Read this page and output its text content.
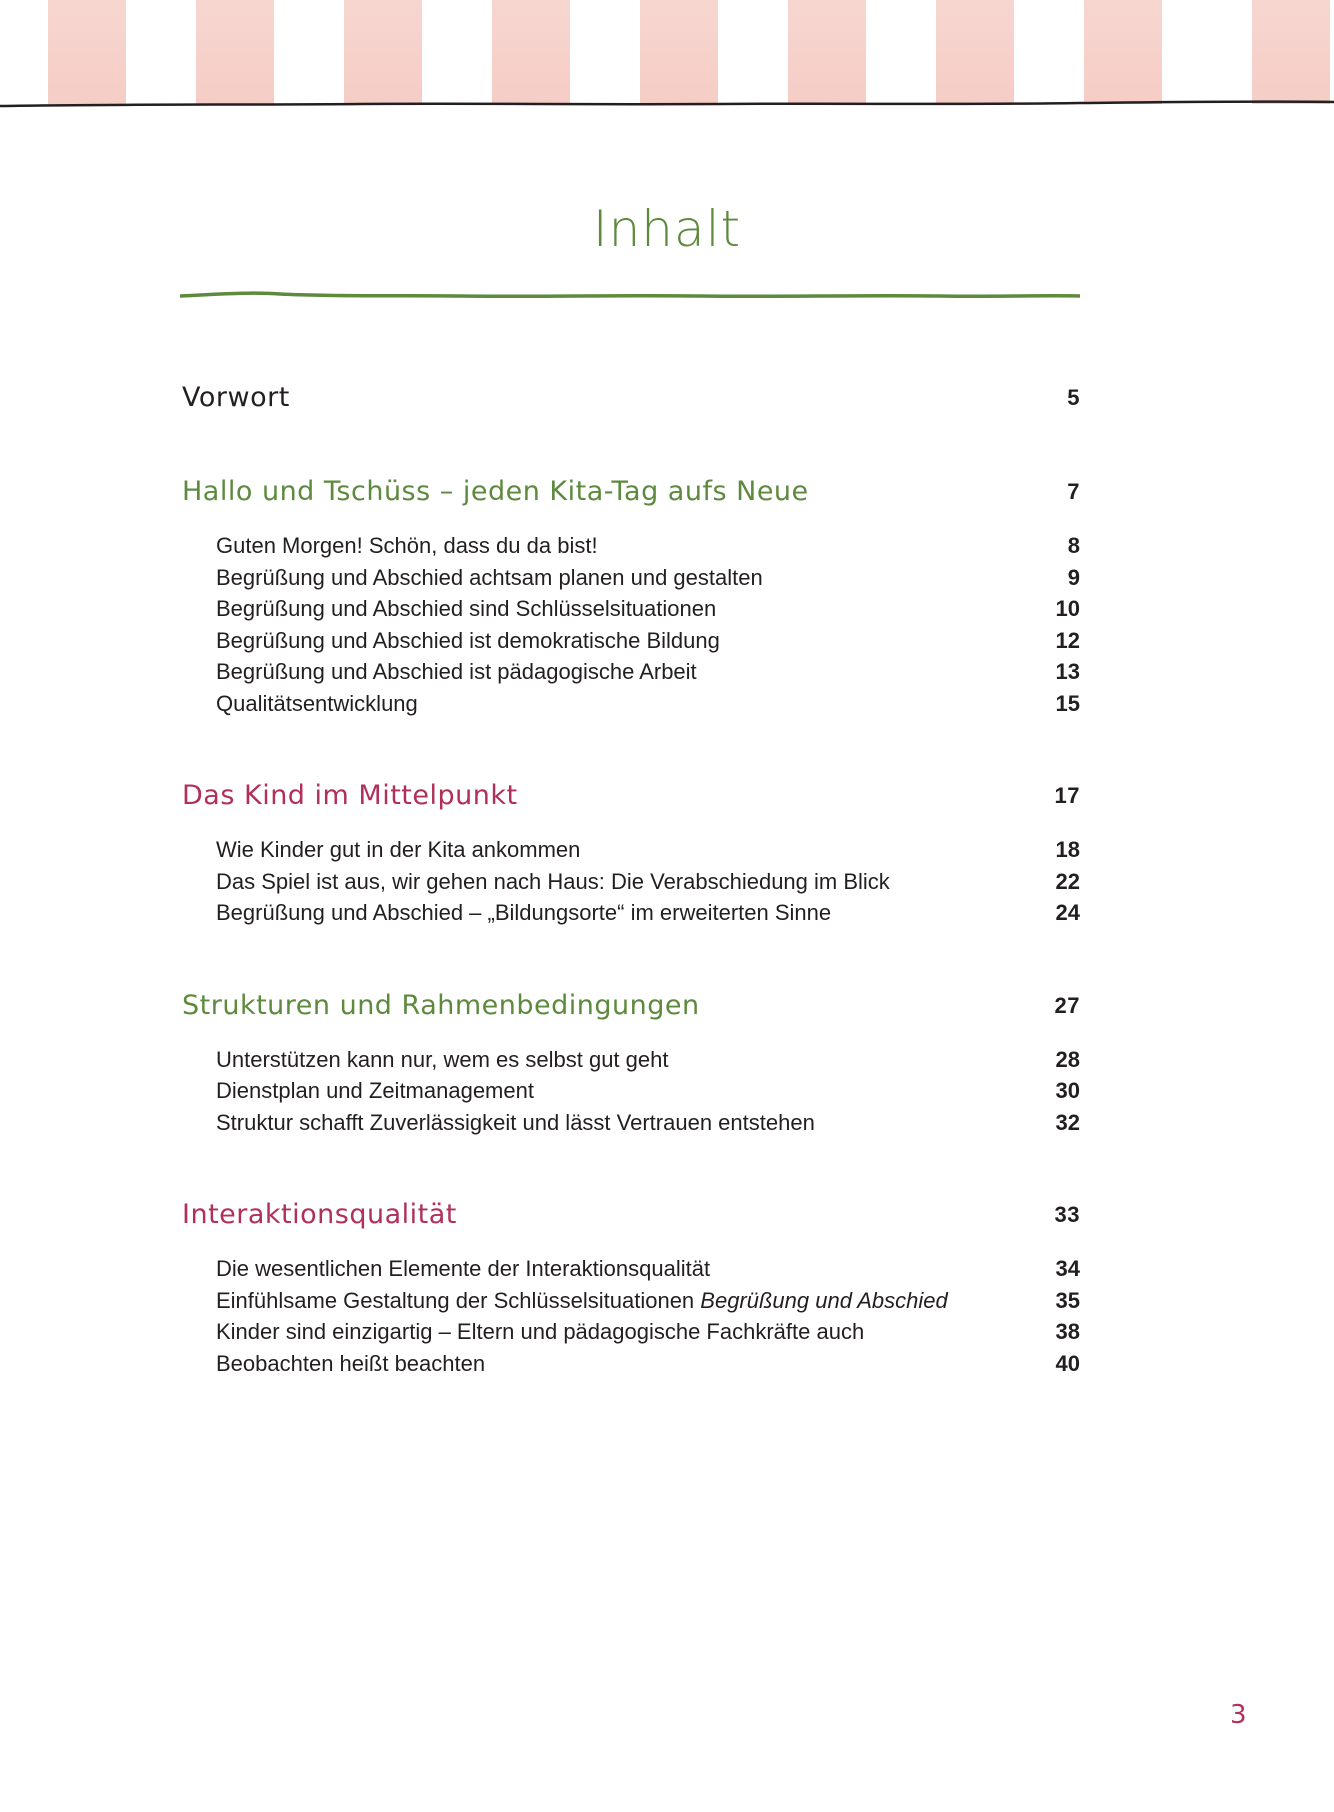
Inhalt
Vorwort	5
Hallo und Tschüss – jeden Kita-Tag aufs Neue	7
Guten Morgen! Schön, dass du da bist!	8
Begrüßung und Abschied achtsam planen und gestalten	9
Begrüßung und Abschied sind Schlüsselsituationen	10
Begrüßung und Abschied ist demokratische Bildung	12
Begrüßung und Abschied ist pädagogische Arbeit	13
Qualitätsentwicklung	15
Das Kind im Mittelpunkt	17
Wie Kinder gut in der Kita ankommen	18
Das Spiel ist aus, wir gehen nach Haus: Die Verabschiedung im Blick	22
Begrüßung und Abschied – „Bildungsorte“ im erweiterten Sinne	24
Strukturen und Rahmenbedingungen	27
Unterstützen kann nur, wem es selbst gut geht	28
Dienstplan und Zeitmanagement	30
Struktur schafft Zuverlässigkeit und lässt Vertrauen entstehen	32
Interaktionsqualität	33
Die wesentlichen Elemente der Interaktionsqualität	34
Einfühlsame Gestaltung der Schlüsselsituationen Begrüßung und Abschied	35
Kinder sind einzigartig – Eltern und pädagogische Fachkräfte auch	38
Beobachten heißt beachten	40
3
